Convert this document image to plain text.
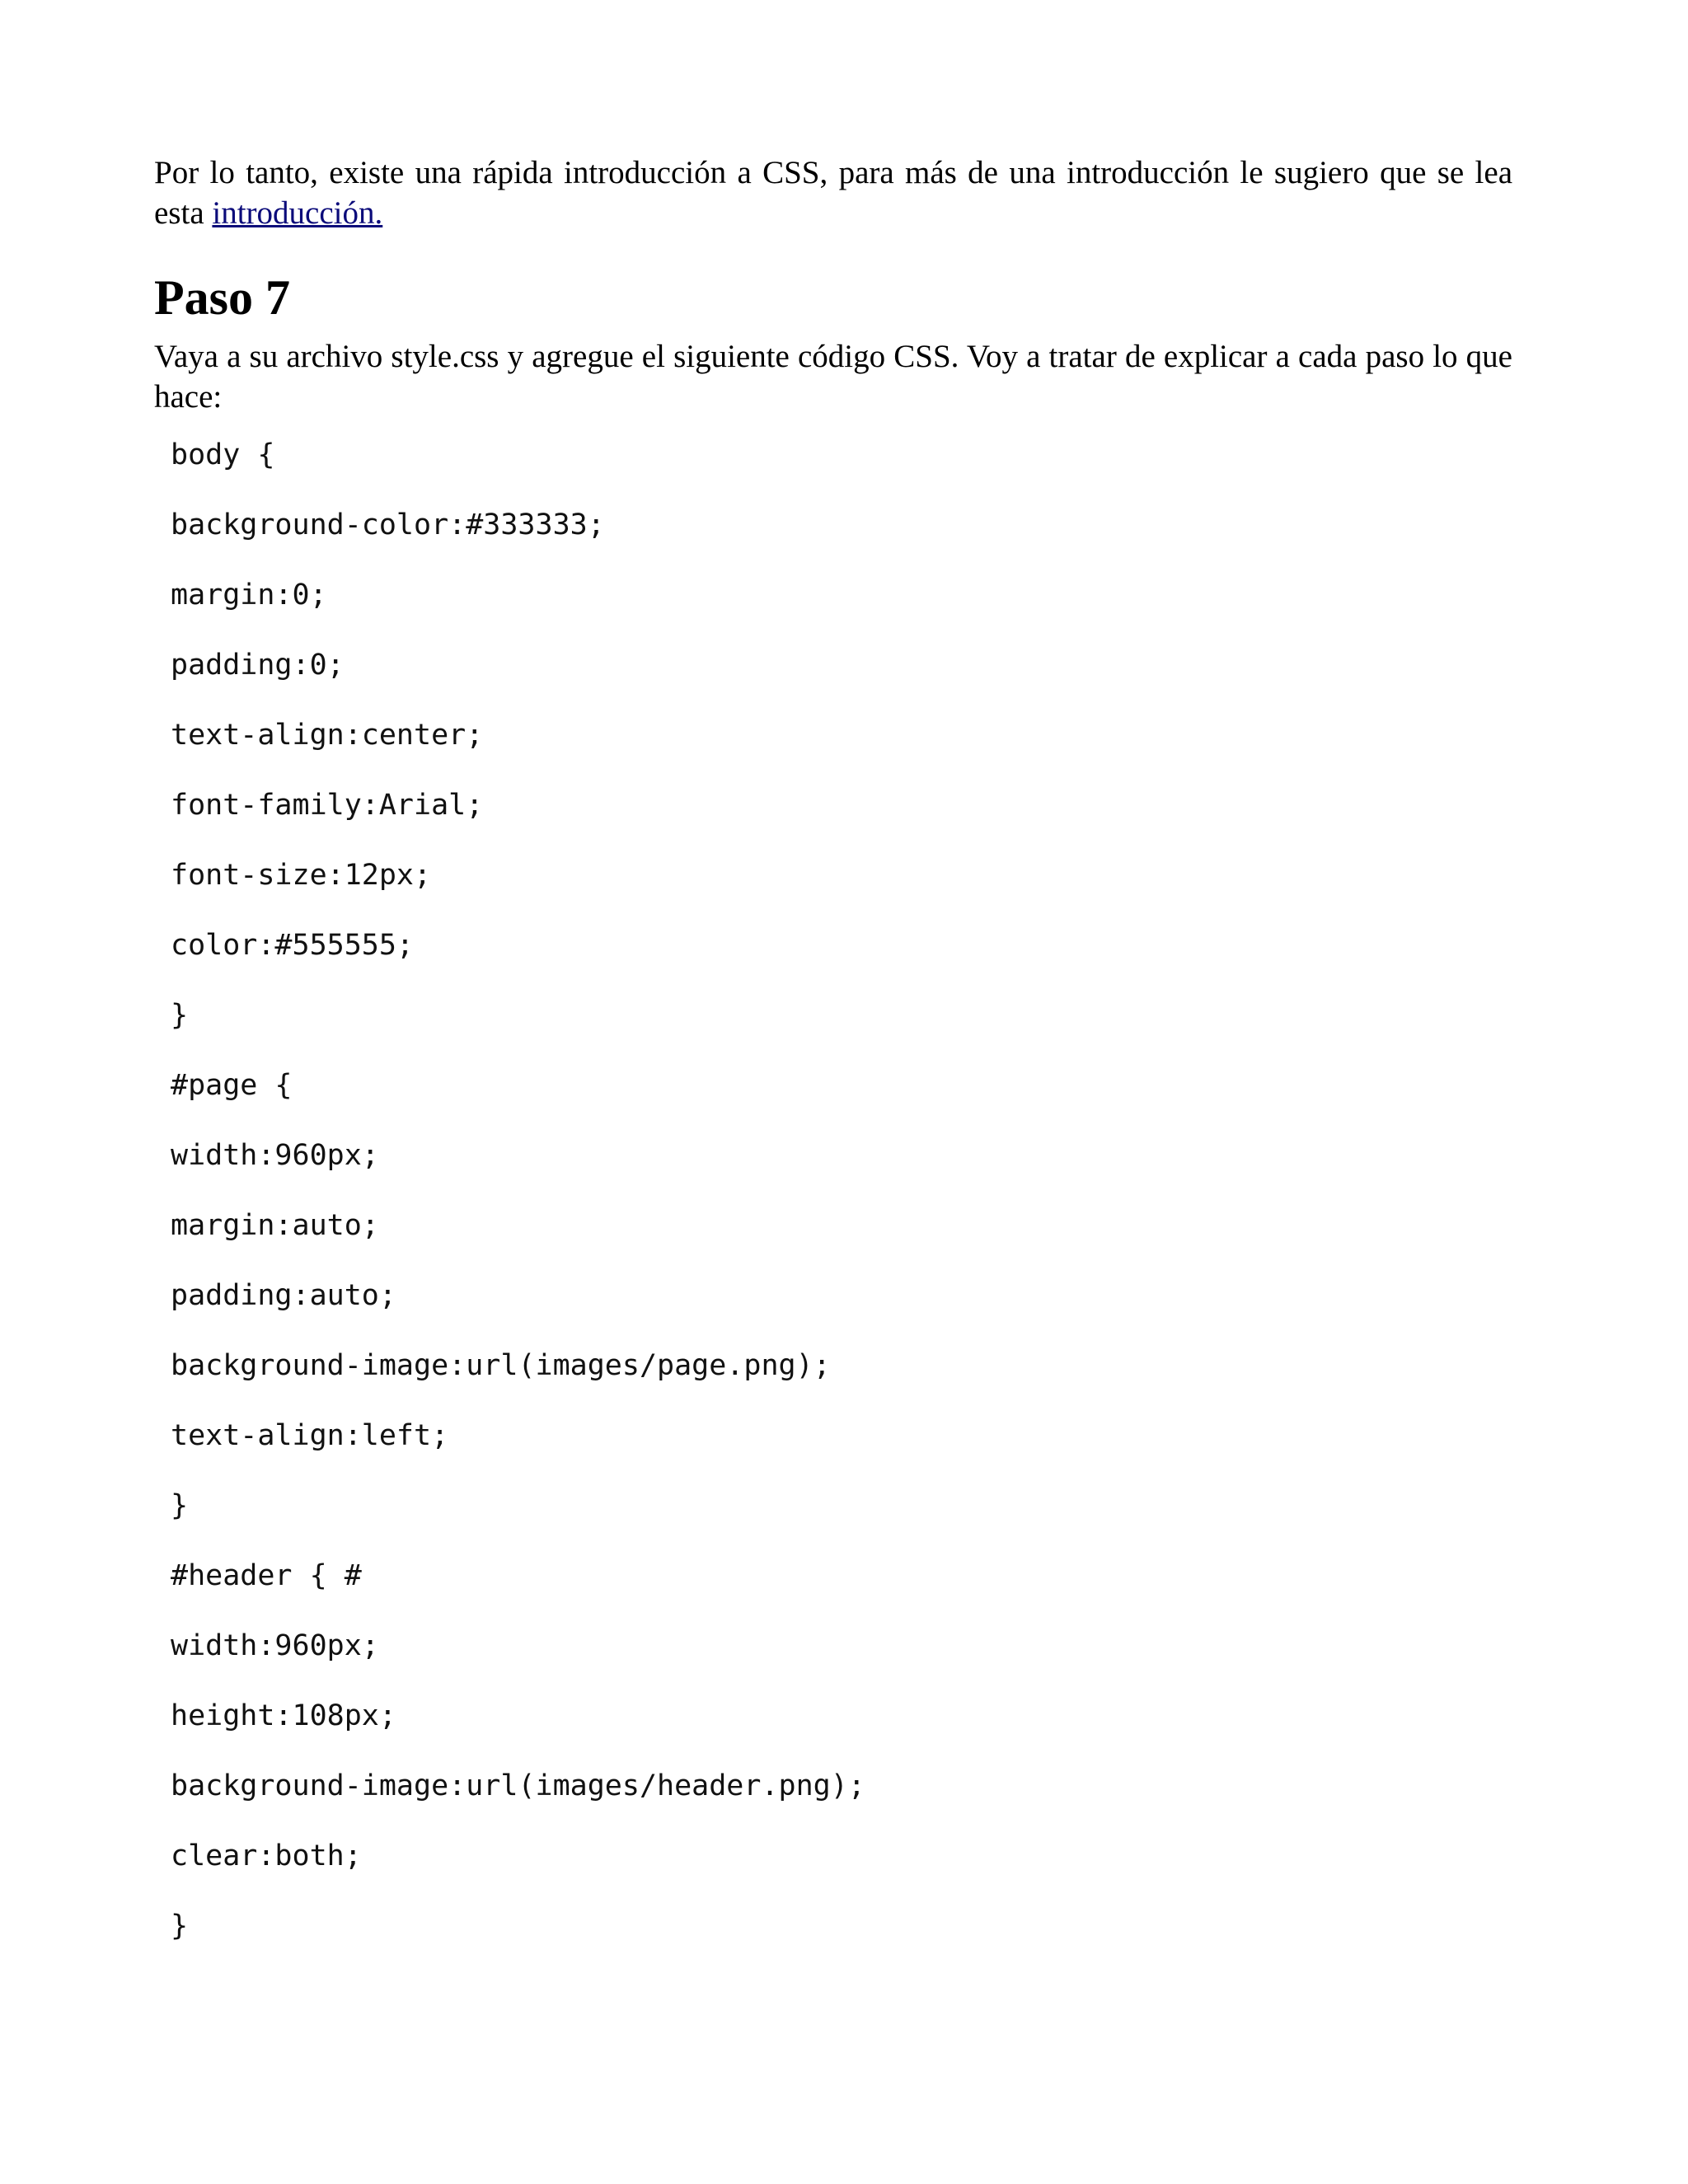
Por lo tanto, existe una rápida introducción a CSS, para más de una introducción le sugiero que se lea esta introducción.

Paso 7

Vaya a su archivo style.css y agregue el siguiente código CSS. Voy a tratar de explicar a cada paso lo que hace:

body {
background-color:#333333;
margin:0;
padding:0;
text-align:center;
font-family:Arial;
font-size:12px;
color:#555555;
}
#page {
width:960px;
margin:auto;
padding:auto;
background-image:url(images/page.png);
text-align:left;
}
#header { #
width:960px;
height:108px;
background-image:url(images/header.png);
clear:both;
}
